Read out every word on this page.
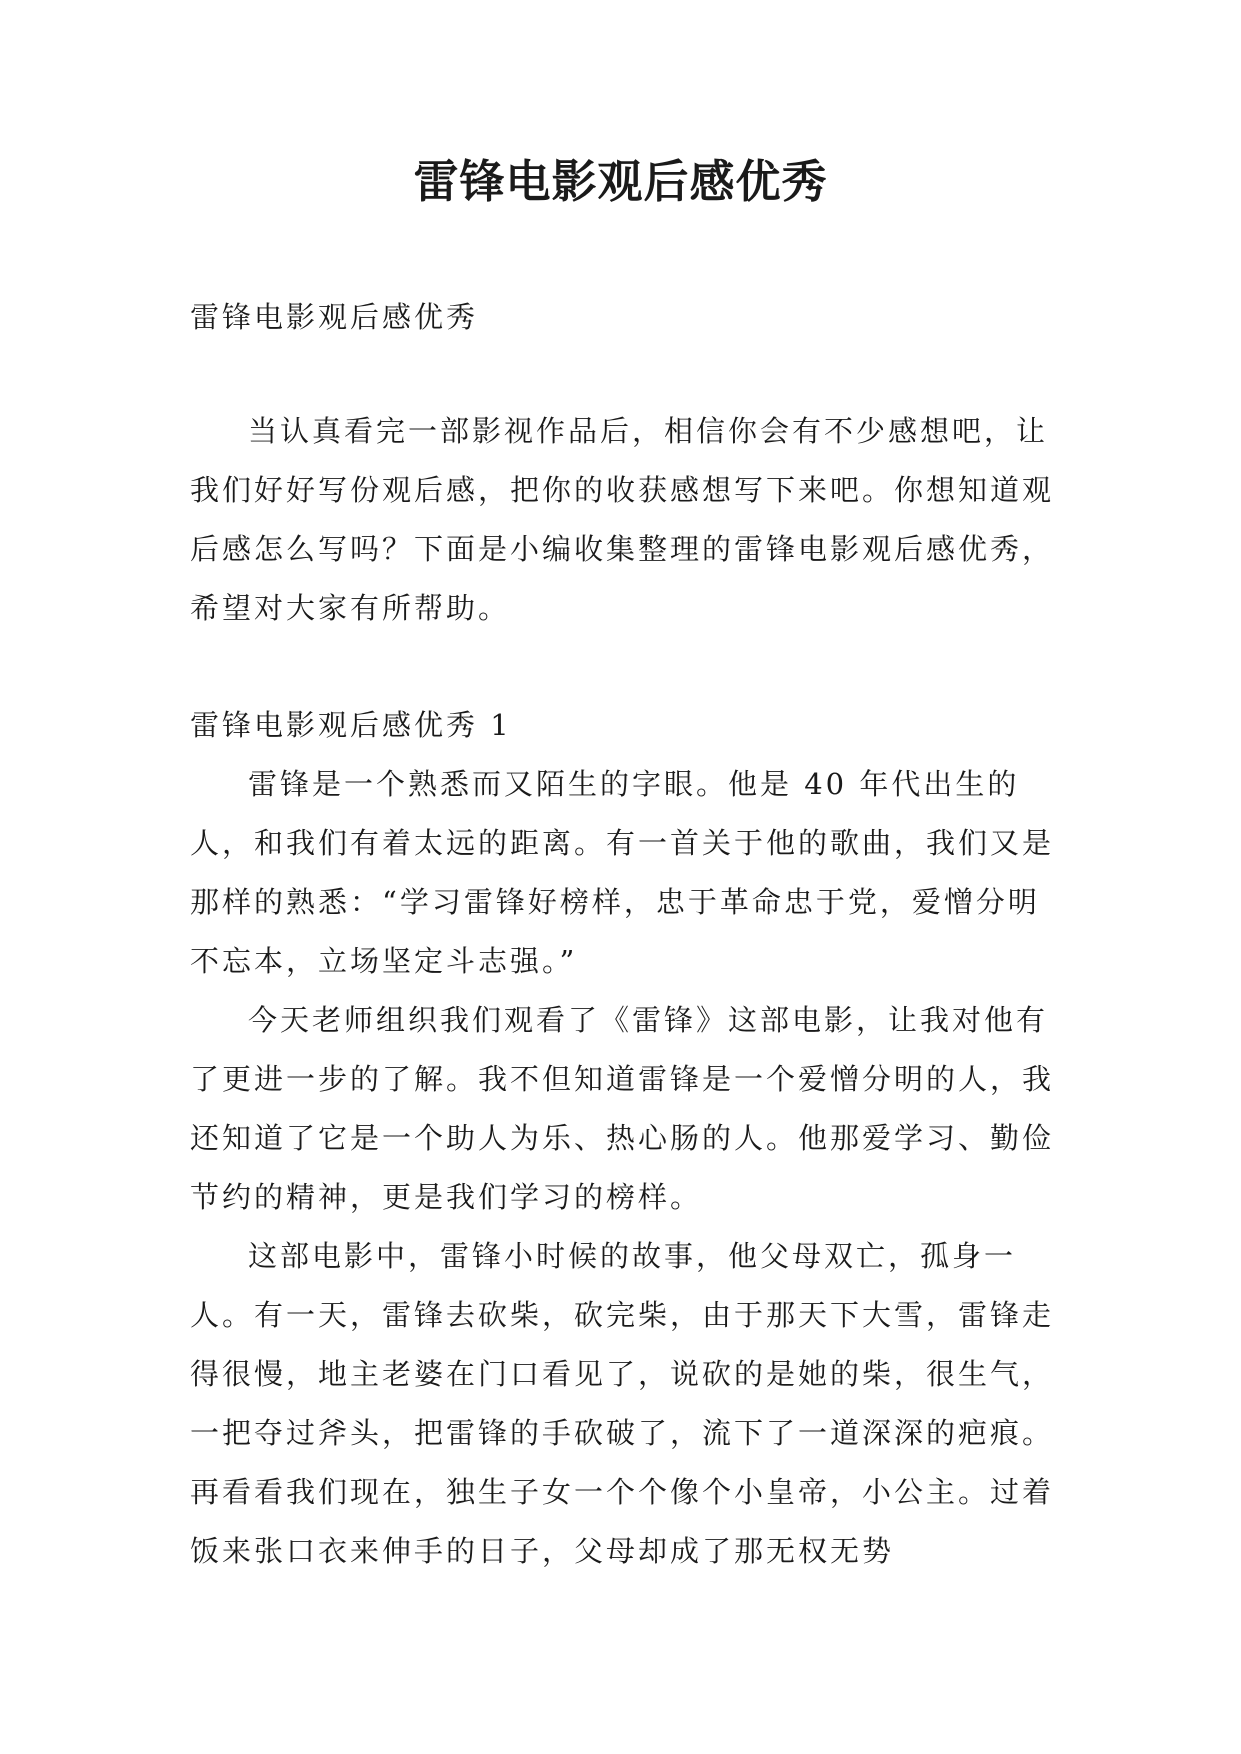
雷锋电影观后感优秀
雷锋电影观后感优秀

当认真看完一部影视作品后，相信你会有不少感想吧，让我们好好写份观后感，把你的收获感想写下来吧。你想知道观后感怎么写吗？下面是小编收集整理的雷锋电影观后感优秀，希望对大家有所帮助。

雷锋电影观后感优秀 1

雷锋是一个熟悉而又陌生的字眼。他是 40 年代出生的人，和我们有着太远的距离。有一首关于他的歌曲，我们又是那样的熟悉：“学习雷锋好榜样，忠于革命忠于党，爱憎分明不忘本，立场坚定斗志强。”

今天老师组织我们观看了《雷锋》这部电影，让我对他有了更进一步的了解。我不但知道雷锋是一个爱憎分明的人，我还知道了它是一个助人为乐、热心肠的人。他那爱学习、勤俭节约的精神，更是我们学习的榜样。

这部电影中，雷锋小时候的故事，他父母双亡，孤身一人。有一天，雷锋去砍柴，砍完柴，由于那天下大雪，雷锋走得很慢，地主老婆在门口看见了，说砍的是她的柴，很生气，一把夺过斧头，把雷锋的手砍破了，流下了一道深深的疤痕。再看看我们现在，独生子女一个个像个小皇帝，小公主。过着饭来张口衣来伸手的日子，父母却成了那无权无势
